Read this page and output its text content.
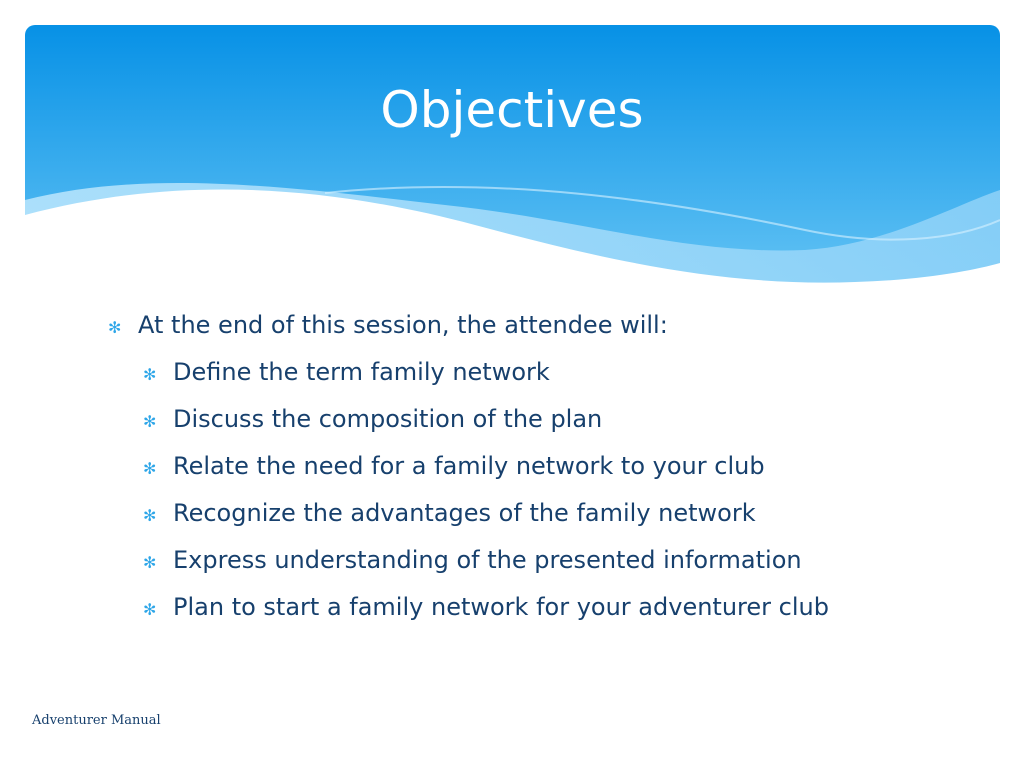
Objectives
✻ At the end of this session, the attendee will:
✻ Define the term family network
✻ Discuss the composition of the plan
✻ Relate the need for a family network to your club
✻ Recognize the advantages of the family network
✻ Express understanding of the presented information
✻ Plan to start a family network for your adventurer club
Adventurer Manual
